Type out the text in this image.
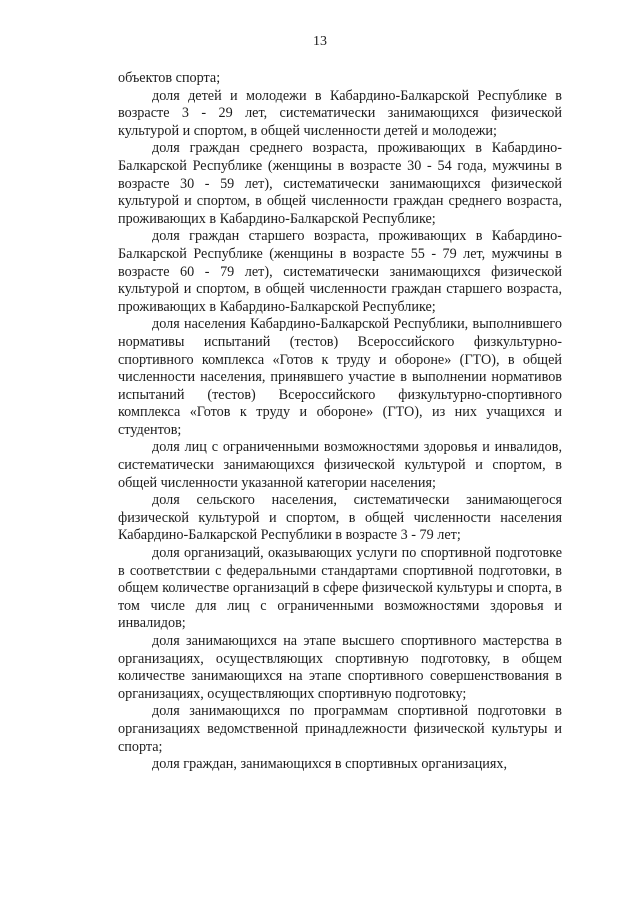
13

объектов спорта;

доля детей и молодежи в Кабардино-Балкарской Республике в возрасте 3 - 29 лет, систематически занимающихся физической культурой и спортом, в общей численности детей и молодежи;

доля граждан среднего возраста, проживающих в Кабардино-Балкарской Республике (женщины в возрасте 30 - 54 года, мужчины в возрасте 30 - 59 лет), систематически занимающихся физической культурой и спортом, в общей численности граждан среднего возраста, проживающих в Кабардино-Балкарской Республике;

доля граждан старшего возраста, проживающих в Кабардино-Балкарской Республике (женщины в возрасте 55 - 79 лет, мужчины в возрасте 60 - 79 лет), систематически занимающихся физической культурой и спортом, в общей численности граждан старшего возраста, проживающих в Кабардино-Балкарской Республике;

доля населения Кабардино-Балкарской Республики, выполнившего нормативы испытаний (тестов) Всероссийского физкультурно-спортивного комплекса «Готов к труду и обороне» (ГТО), в общей численности населения, принявшего участие в выполнении нормативов испытаний (тестов) Всероссийского физкультурно-спортивного комплекса «Готов к труду и обороне» (ГТО), из них учащихся и студентов;

доля лиц с ограниченными возможностями здоровья и инвалидов, систематически занимающихся физической культурой и спортом, в общей численности указанной категории населения;

доля сельского населения, систематически занимающегося физической культурой и спортом, в общей численности населения Кабардино-Балкарской Республики в возрасте 3 - 79 лет;

доля организаций, оказывающих услуги по спортивной подготовке в соответствии с федеральными стандартами спортивной подготовки, в общем количестве организаций в сфере физической культуры и спорта, в том числе для лиц с ограниченными возможностями здоровья и инвалидов;

доля занимающихся на этапе высшего спортивного мастерства в организациях, осуществляющих спортивную подготовку, в общем количестве занимающихся на этапе спортивного совершенствования в организациях, осуществляющих спортивную подготовку;

доля занимающихся по программам спортивной подготовки в организациях ведомственной принадлежности физической культуры и спорта;

доля граждан, занимающихся в спортивных организациях,
